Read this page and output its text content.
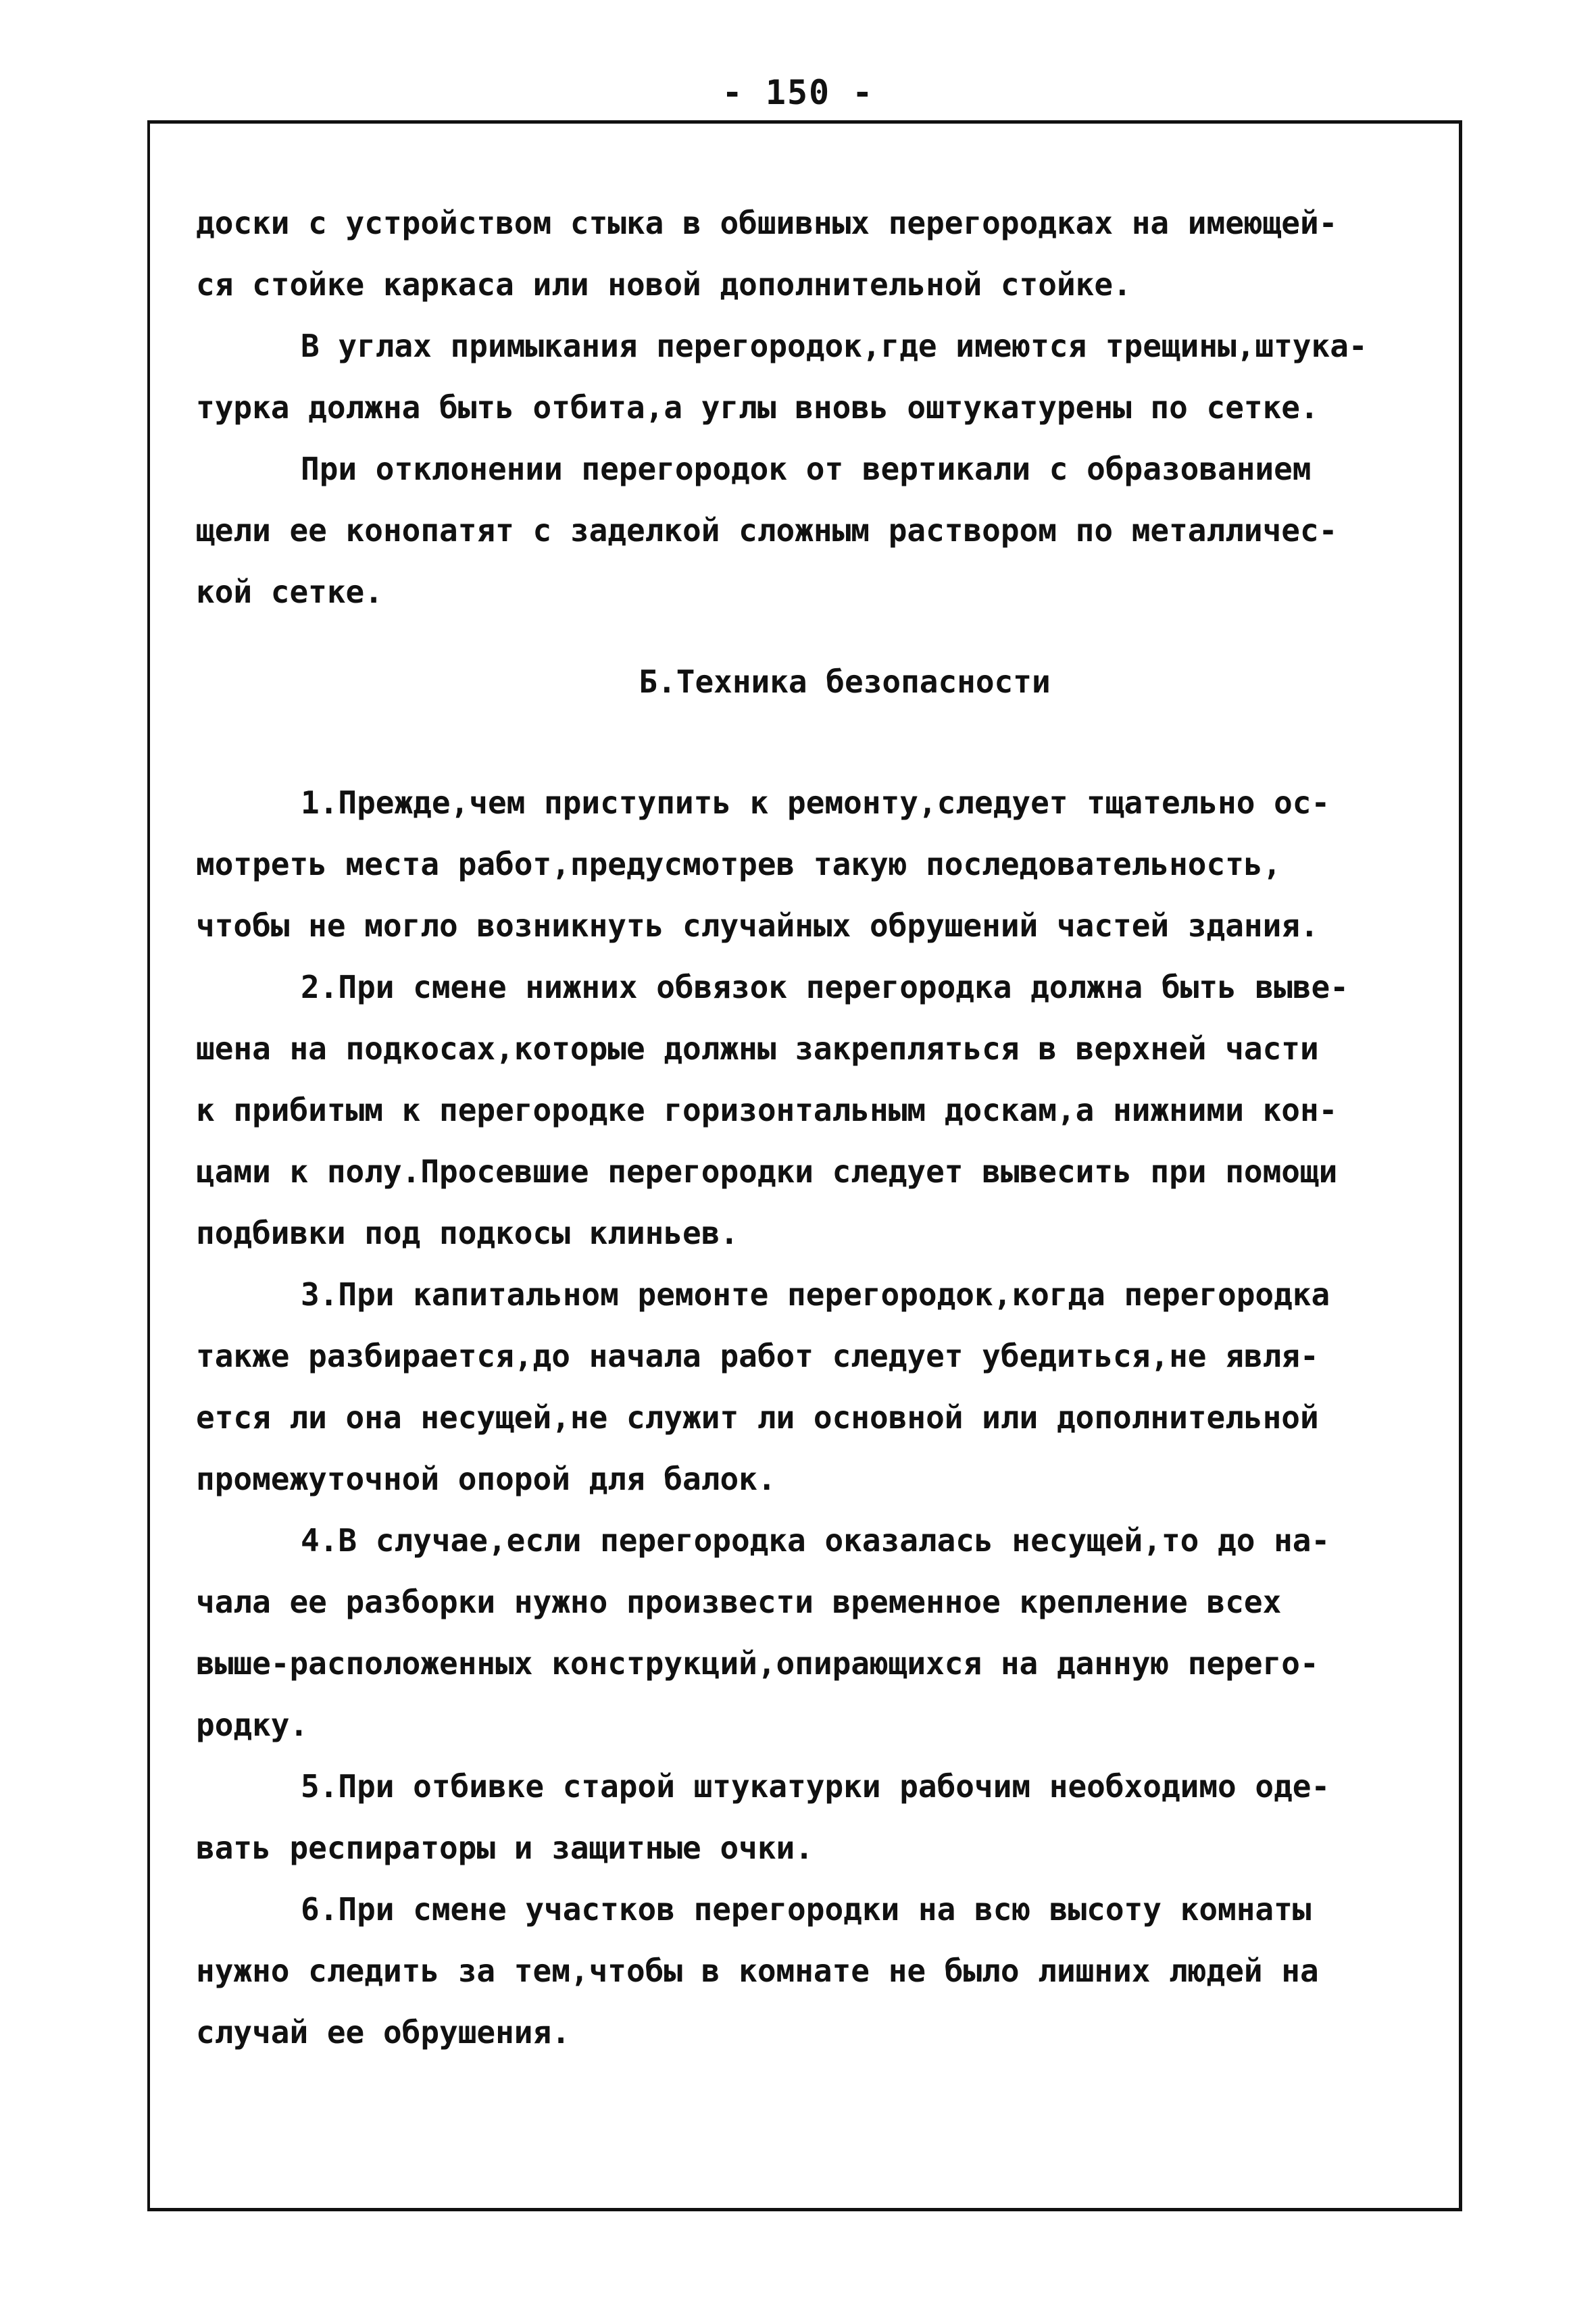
- 150 -
доски с устройством стыка в обшивных перегородках на имеющей-
ся стойке каркаса или новой дополнительной стойке.
В углах примыкания перегородок,где имеются трещины,штука-
турка должна быть отбита,а углы вновь оштукатурены по сетке.
При отклонении перегородок от вертикали с образованием
щели ее конопатят с заделкой сложным раствором по металличес-
кой сетке.
Б.Техника безопасности
1.Прежде,чем приступить к ремонту,следует тщательно ос-
мотреть места работ,предусмотрев такую последовательность,
чтобы не могло возникнуть случайных обрушений частей здания.
2.При смене нижних обвязок перегородка должна быть выве-
шена на подкосах,которые должны закрепляться в верхней части
к прибитым к перегородке горизонтальным доскам,а нижними кон-
цами к полу.Просевшие перегородки следует вывесить при помощи
подбивки под подкосы клиньев.
3.При капитальном ремонте перегородок,когда перегородка
также разбирается,до начала работ следует убедиться,не явля-
ется ли она несущей,не служит ли основной или дополнительной
промежуточной опорой для балок.
4.В случае,если перегородка оказалась несущей,то до на-
чала ее разборки нужно произвести временное крепление всех
выше-расположенных конструкций,опирающихся на данную перего-
родку.
5.При отбивке старой штукатурки рабочим необходимо оде-
вать респираторы и защитные очки.
6.При смене участков перегородки на всю высоту комнаты
нужно следить за тем,чтобы в комнате не было лишних людей на
случай ее обрушения.
